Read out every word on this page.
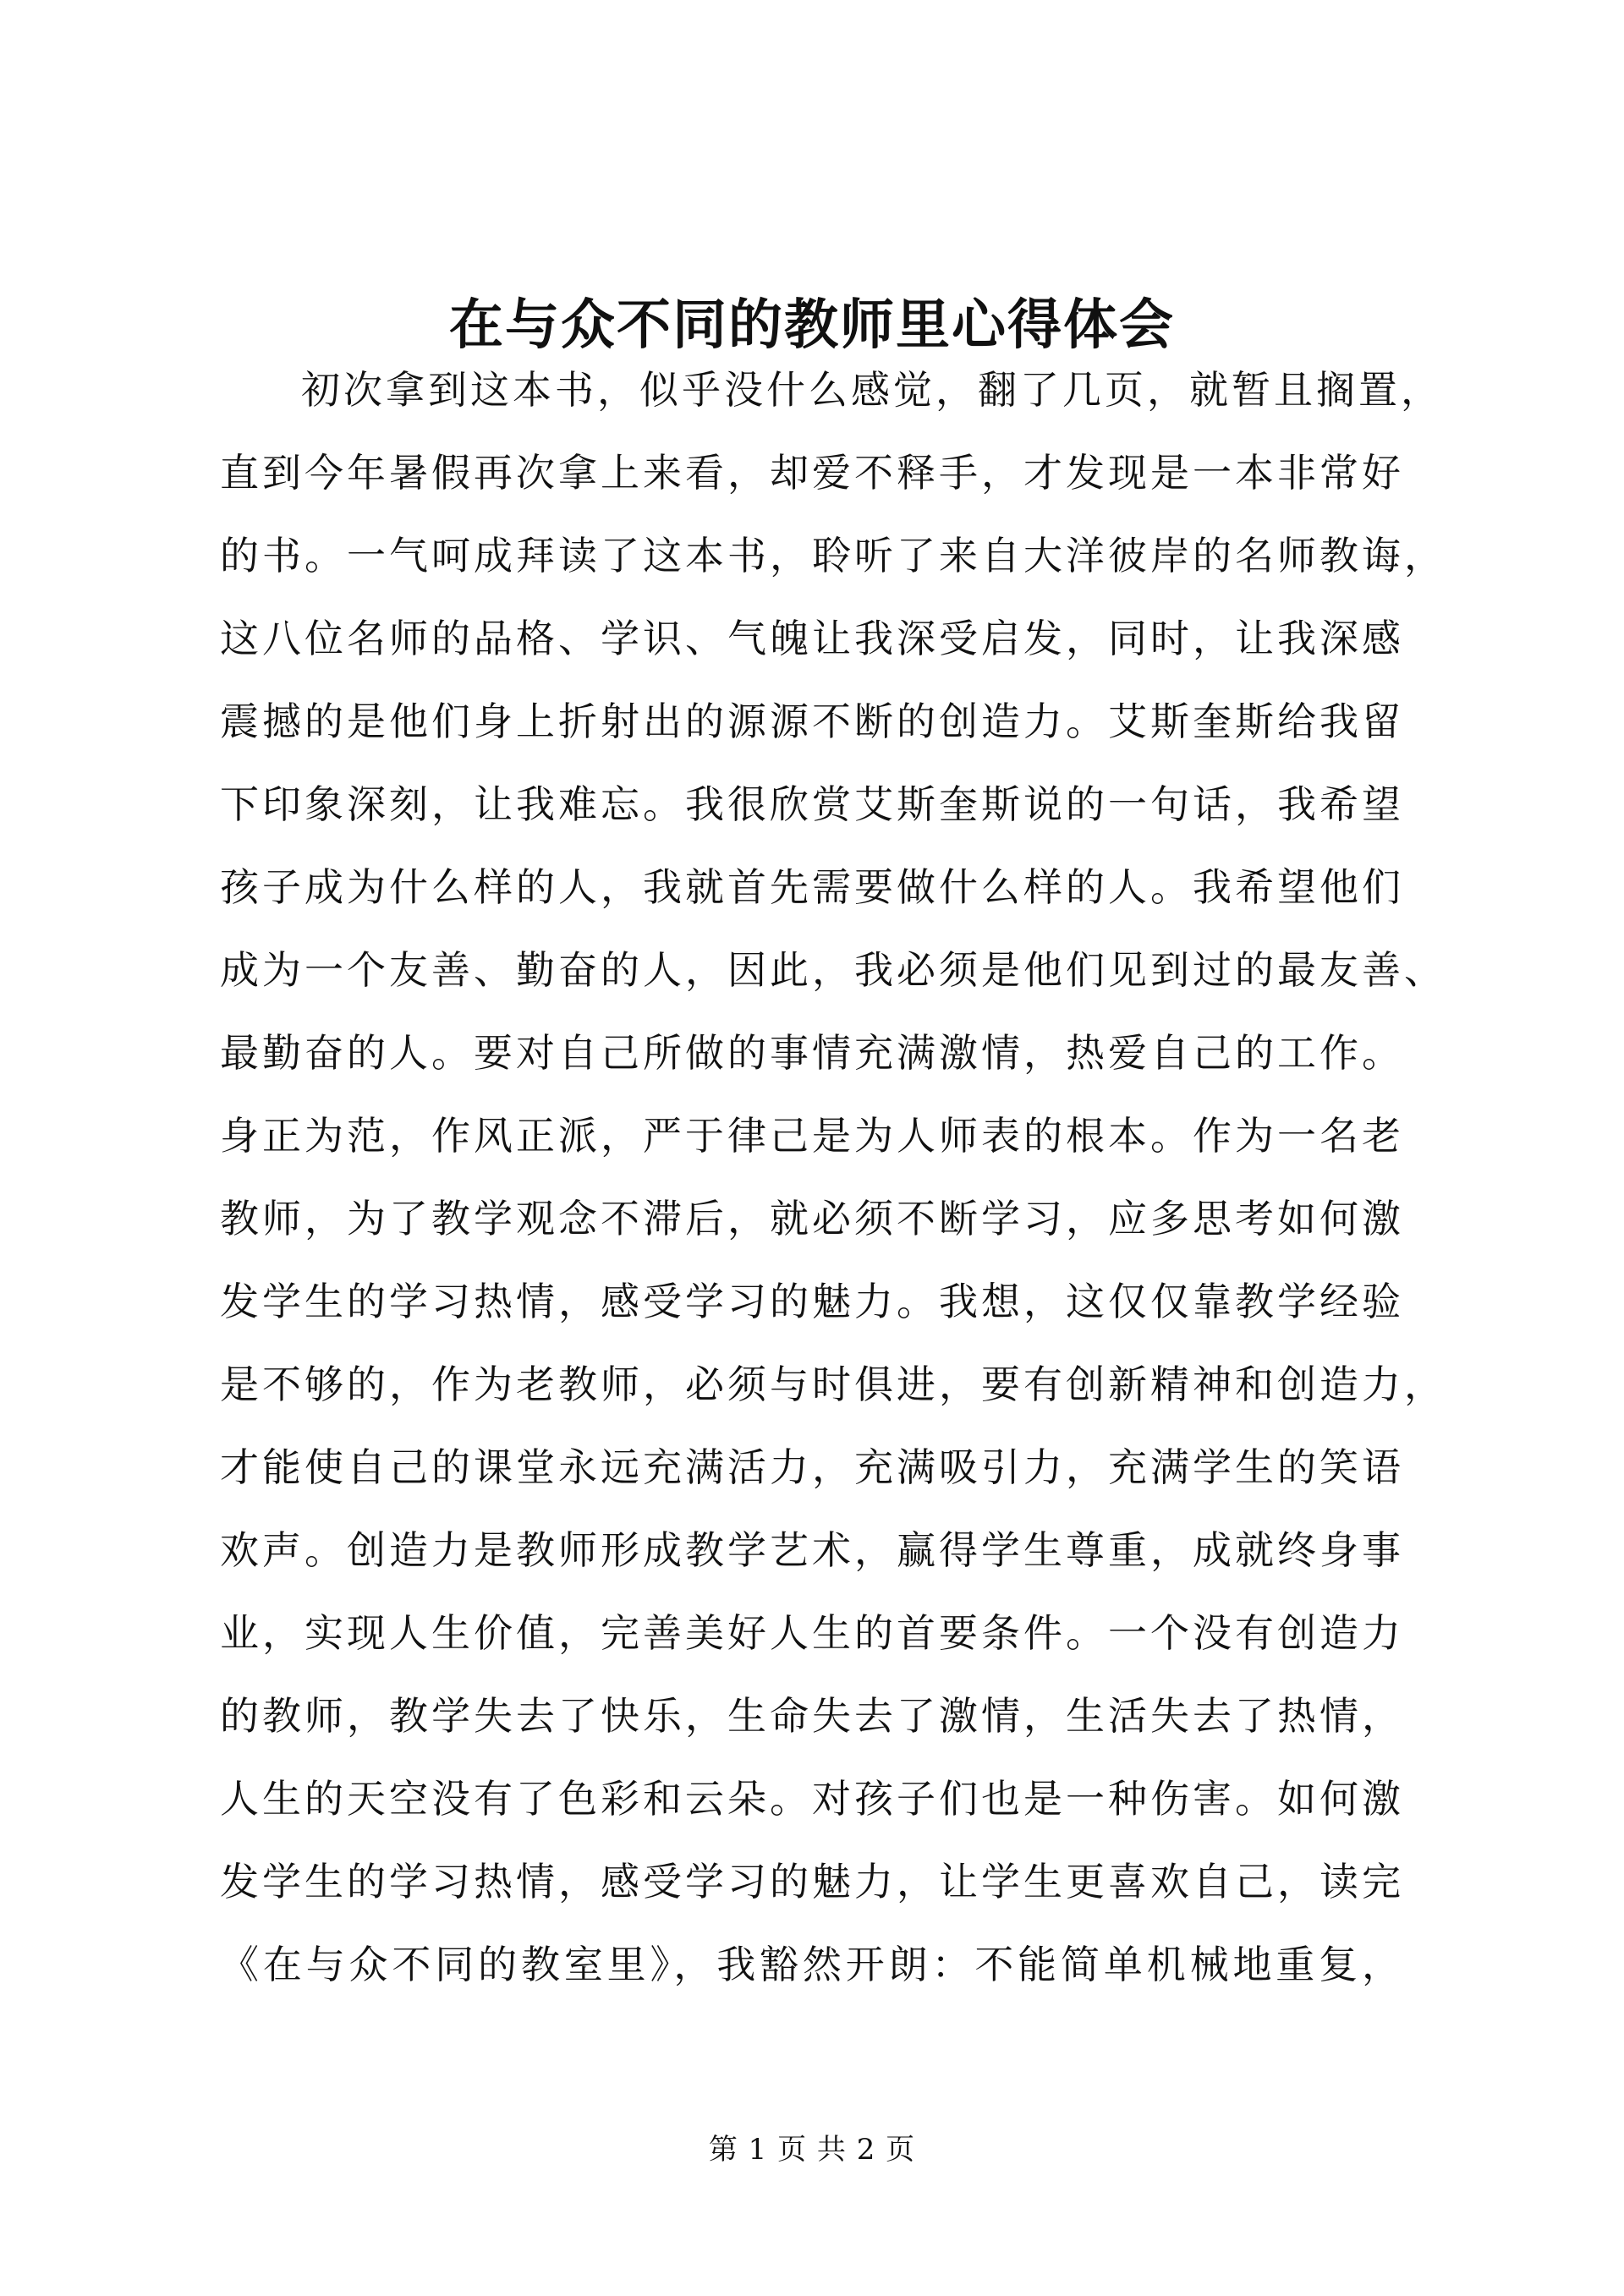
在与众不同的教师里心得体会
初次拿到这本书，似乎没什么感觉，翻了几页，就暂且搁置，
直到今年暑假再次拿上来看，却爱不释手，才发现是一本非常好
的书。一气呵成拜读了这本书，聆听了来自大洋彼岸的名师教诲，
这八位名师的品格、学识、气魄让我深受启发，同时，让我深感
震撼的是他们身上折射出的源源不断的创造力。艾斯奎斯给我留
下印象深刻，让我难忘。我很欣赏艾斯奎斯说的一句话，我希望
孩子成为什么样的人，我就首先需要做什么样的人。我希望他们
成为一个友善、勤奋的人，因此，我必须是他们见到过的最友善、
最勤奋的人。要对自己所做的事情充满激情，热爱自己的工作。
身正为范，作风正派，严于律己是为人师表的根本。作为一名老
教师，为了教学观念不滞后，就必须不断学习，应多思考如何激
发学生的学习热情，感受学习的魅力。我想，这仅仅靠教学经验
是不够的，作为老教师，必须与时俱进，要有创新精神和创造力，
才能使自己的课堂永远充满活力，充满吸引力，充满学生的笑语
欢声。创造力是教师形成教学艺术，赢得学生尊重，成就终身事
业，实现人生价值，完善美好人生的首要条件。一个没有创造力
的教师，教学失去了快乐，生命失去了激情，生活失去了热情，
人生的天空没有了色彩和云朵。对孩子们也是一种伤害。如何激
发学生的学习热情，感受学习的魅力，让学生更喜欢自己，读完
《在与众不同的教室里》，我豁然开朗：不能简单机械地重复，
第 1 页 共 2 页
